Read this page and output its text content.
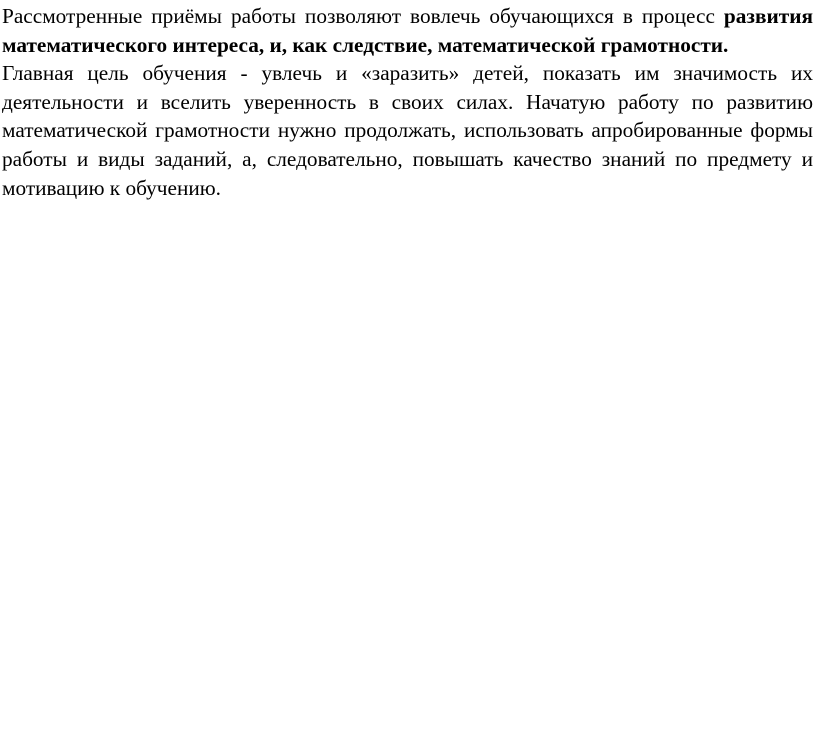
Рассмотренные приёмы работы позволяют вовлечь обучающихся в процесс развития математического интереса, и, как следствие, математической грамотности.

Главная цель обучения - увлечь и «заразить» детей, показать им значимость их деятельности и вселить уверенность в своих силах. Начатую работу по развитию математической грамотности нужно продолжать, использовать апробированные формы работы и виды заданий, а, следовательно, повышать качество знаний по предмету и мотивацию к обучению.
